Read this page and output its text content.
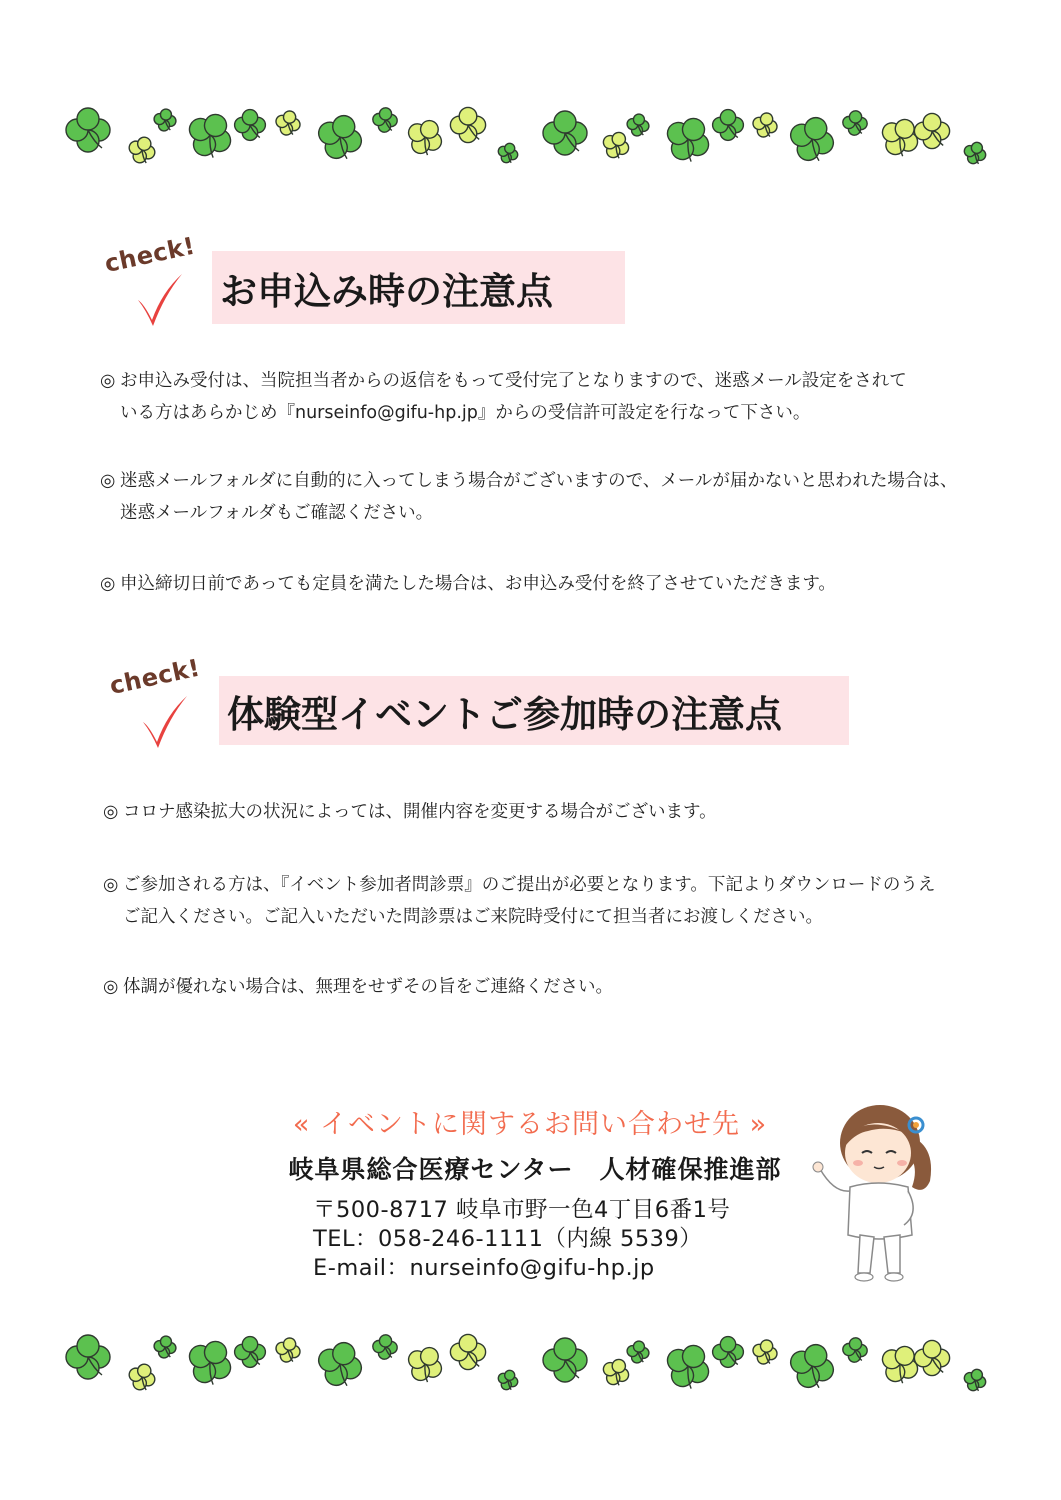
check!
お申込み時の注意点

◎ お申込み受付は、当院担当者からの返信をもって受付完了となりますので、迷惑メール設定をされて
いる方はあらかじめ『nurseinfo@gifu-hp.jp』からの受信許可設定を行なって下さい。

◎ 迷惑メールフォルダに自動的に入ってしまう場合がございますので、メールが届かないと思われた場合は、
迷惑メールフォルダもご確認ください。

◎ 申込締切日前であっても定員を満たした場合は、お申込み受付を終了させていただきます。

check!
体験型イベントご参加時の注意点

◎ コロナ感染拡大の状況によっては、開催内容を変更する場合がございます。

◎ ご参加される方は、『イベント参加者問診票』のご提出が必要となります。下記よりダウンロードのうえ
ご記入ください。ご記入いただいた問診票はご来院時受付にて担当者にお渡しください。

◎ 体調が優れない場合は、無理をせずその旨をご連絡ください。

« イベントに関するお問い合わせ先 »
岐阜県総合医療センター　人材確保推進部
〒500-8717 岐阜市野一色4丁目6番1号
TEL：058-246-1111（内線 5539）
E-mail：nurseinfo@gifu-hp.jp
